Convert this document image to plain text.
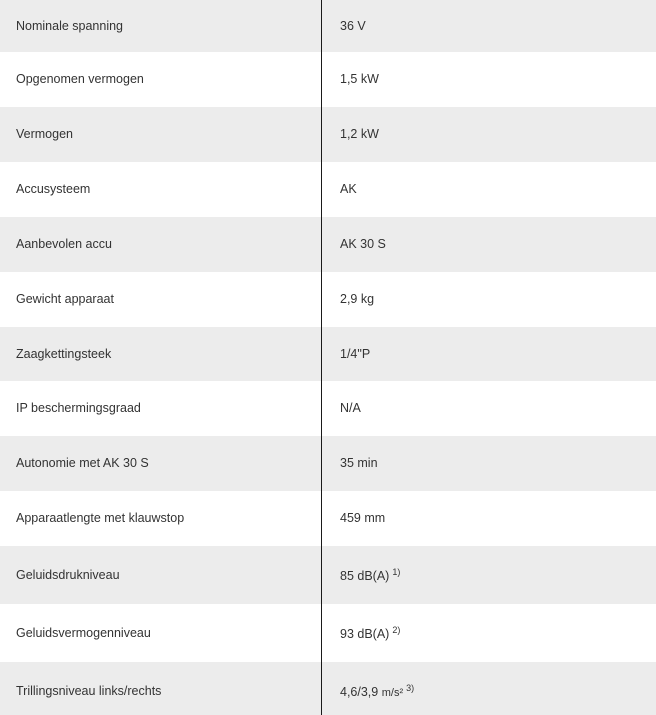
Nominale spanning	36 V
Opgenomen vermogen	1,5 kW
Vermogen	1,2 kW
Accusysteem	AK
Aanbevolen accu	AK 30 S
Gewicht apparaat	2,9 kg
Zaagkettingsteek	1/4"P
IP beschermingsgraad	N/A
Autonomie met AK 30 S	35 min
Apparaatlengte met klauwstop	459 mm
Geluidsdrukniveau	85 dB(A) $^{1)}$
Geluidsvermogenniveau	93 dB(A) $^{2)}$
Trillingsniveau links/rechts	4,6/3,9 m/s² $^{3)}$
